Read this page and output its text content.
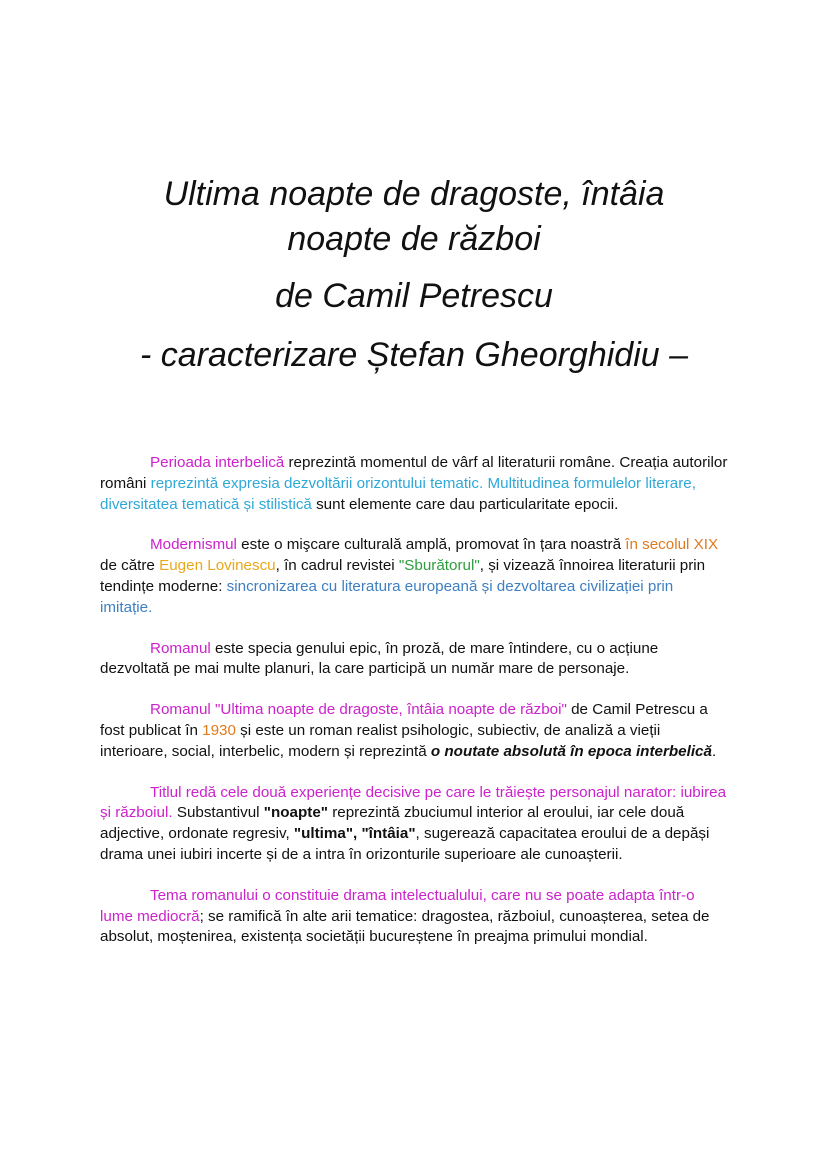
Ultima noapte de dragoste, întâia
noapte de război

de Camil Petrescu

- caracterizare Ștefan Gheorghidiu –

Perioada interbelică reprezintă momentul de vârf al literaturii române. Creația autorilor români reprezintă expresia dezvoltării orizontului tematic. Multitudinea formulelor literare, diversitatea tematică și stilistică sunt elemente care dau particularitate epocii.

Modernismul este o mişcare culturală amplă, promovat în țara noastră în secolul XIX de către Eugen Lovinescu, în cadrul revistei "Sburătorul", și vizează înnoirea literaturii prin tendințe moderne: sincronizarea cu literatura europeană și dezvoltarea civilizației prin imitație.

Romanul este specia genului epic, în proză, de mare întindere, cu o acțiune dezvoltată pe mai multe planuri, la care participă un număr mare de personaje.

Romanul "Ultima noapte de dragoste, întâia noapte de război" de Camil Petrescu a fost publicat în 1930 și este un roman realist psihologic, subiectiv, de analiză a vieții interioare, social, interbelic, modern și reprezintă o noutate absolută în epoca interbelică.

Titlul redă cele două experiențe decisive pe care le trăiește personajul narator: iubirea și războiul. Substantivul "noapte" reprezintă zbuciumul interior al eroului, iar cele două adjective, ordonate regresiv, "ultima", "întâia", sugerează capacitatea eroului de a depăși drama unei iubiri incerte și de a intra în orizonturile superioare ale cunoașterii.

Tema romanului o constituie drama intelectualului, care nu se poate adapta într-o lume mediocră; se ramifică în alte arii tematice: dragostea, războiul, cunoașterea, setea de absolut, moștenirea, existența societății bucureștene în preajma primului mondial.
